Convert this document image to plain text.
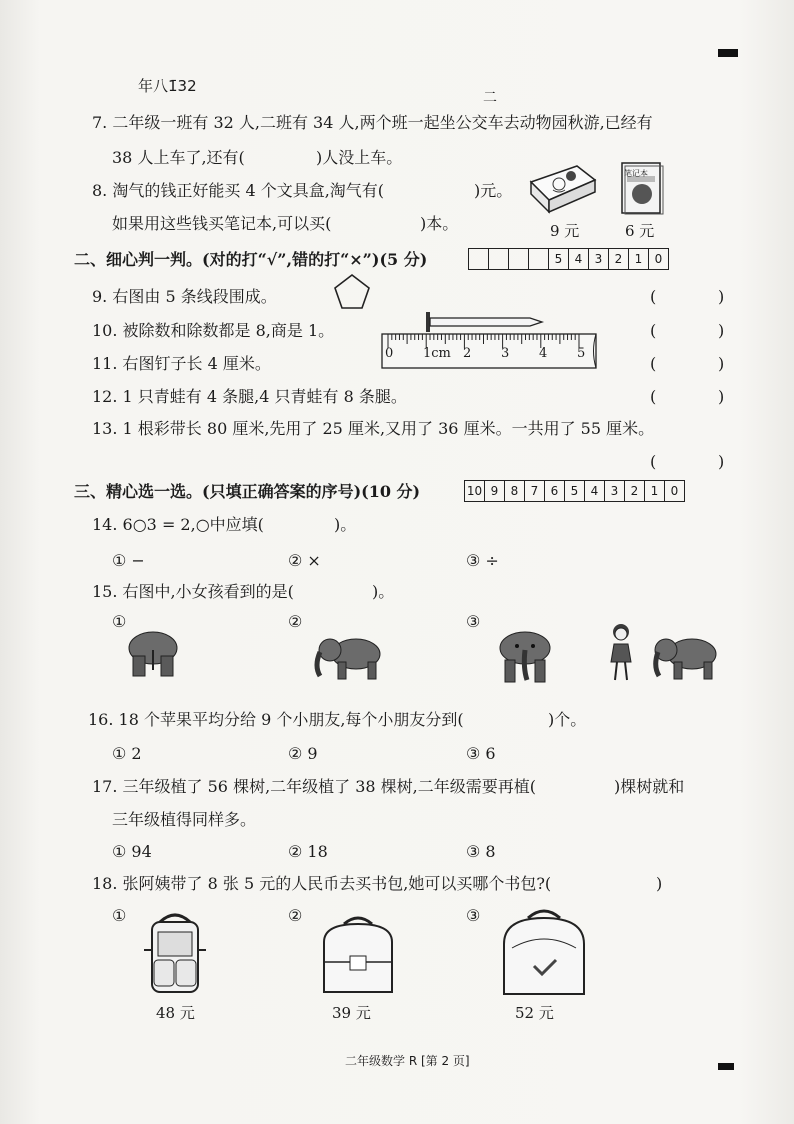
年八1̄32
二
7. 二年级一班有 32 人,二班有 34 人,两个班一起坐公交车去动物园秋游,已经有
38 人上车了,还有(	)人没上车。
8. 淘气的钱正好能买 4 个文具盒,淘气有(	)元。
如果用这些钱买笔记本,可以买(	)本。	9 元
笔记本
6 元
二、细心判一判。(对的打“√”,错的打“×”)(5 分)	5	4	3	2	1	0
9. 右图由 5 条线段围成。
10. 被除数和除数都是 8,商是 1。
11. 右图钉子长 4 厘米。
12. 1 只青蛙有 4 条腿,4 只青蛙有 8 条腿。
13. 1 根彩带长 80 厘米,先用了 25 厘米,又用了 36 厘米。一共用了 55 厘米。
(	)
(	)
(	)
(	)
(	)
0 1cm 2 3 4 5
三、精心选一选。(只填正确答案的序号)(10 分)	10 9	8	7	6	5	4	3	2	1	0
14. 6○3 = 2,○中应填(	)。
① −	② ×	③ ÷
15. 右图中,小女孩看到的是(	)。
①	②	③
16. 18 个苹果平均分给 9 个小朋友,每个小朋友分到(	)个。
① 2	② 9	③ 6
17. 三年级植了 56 棵树,二年级植了 38 棵树,二年级需要再植(	)棵树就和
三年级植得同样多。
① 94	② 18	③ 8
18. 张阿姨带了 8 张 5 元的人民币去买书包,她可以买哪个书包?(	)
①	②	③
48 元	39 元	52 元
二年级数学 R [第 2 页]
